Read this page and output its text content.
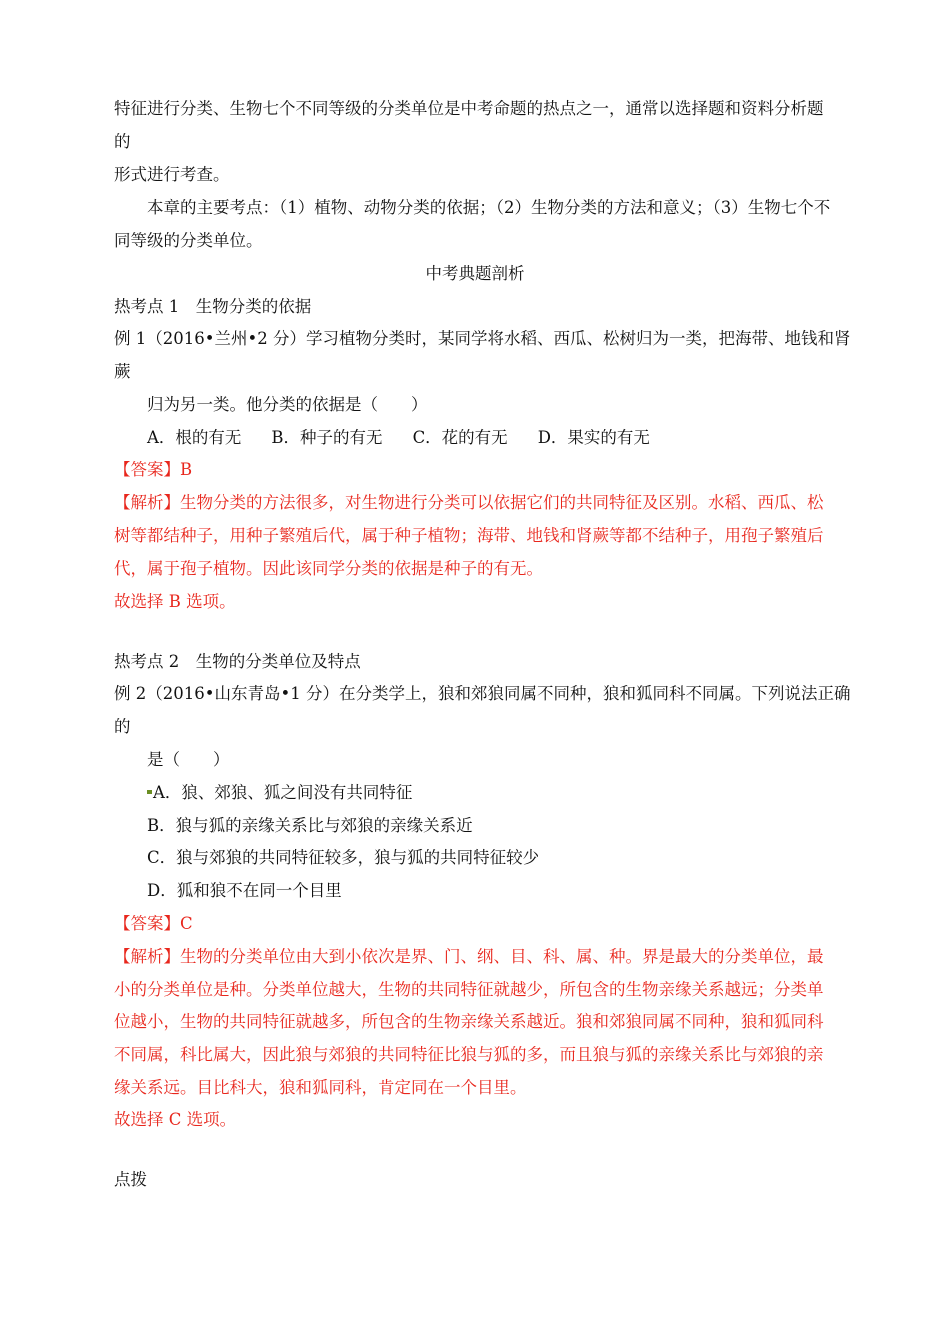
特征进行分类、生物七个不同等级的分类单位是中考命题的热点之一，通常以选择题和资料分析题
的
形式进行考查。
本章的主要考点：（1）植物、动物分类的依据；（2）生物分类的方法和意义；（3）生物七个不
同等级的分类单位。
中考典题剖析
热考点 1　生物分类的依据
例 1（2016•兰州•2 分）学习植物分类时，某同学将水稻、西瓜、松树归为一类，把海带、地钱和肾
蕨
归为另一类。他分类的依据是（　　）
A．根的有无 B．种子的有无 C．花的有无 D．果实的有无
【答案】B
【解析】生物分类的方法很多，对生物进行分类可以依据它们的共同特征及区别。水稻、西瓜、松
树等都结种子，用种子繁殖后代，属于种子植物；海带、地钱和肾蕨等都不结种子，用孢子繁殖后
代，属于孢子植物。因此该同学分类的依据是种子的有无。
故选择 B 选项。
热考点 2　生物的分类单位及特点
例 2（2016•山东青岛•1 分）在分类学上，狼和郊狼同属不同种，狼和狐同科不同属。下列说法正确
的
是（　　）
A．狼、郊狼、狐之间没有共同特征
B．狼与狐的亲缘关系比与郊狼的亲缘关系近
C．狼与郊狼的共同特征较多，狼与狐的共同特征较少
D．狐和狼不在同一个目里
【答案】C
【解析】生物的分类单位由大到小依次是界、门、纲、目、科、属、种。界是最大的分类单位，最
小的分类单位是种。分类单位越大，生物的共同特征就越少，所包含的生物亲缘关系越远；分类单
位越小，生物的共同特征就越多，所包含的生物亲缘关系越近。狼和郊狼同属不同种，狼和狐同科
不同属，科比属大，因此狼与郊狼的共同特征比狼与狐的多，而且狼与狐的亲缘关系比与郊狼的亲
缘关系远。目比科大，狼和狐同科，肯定同在一个目里。
故选择 C 选项。
点拨
